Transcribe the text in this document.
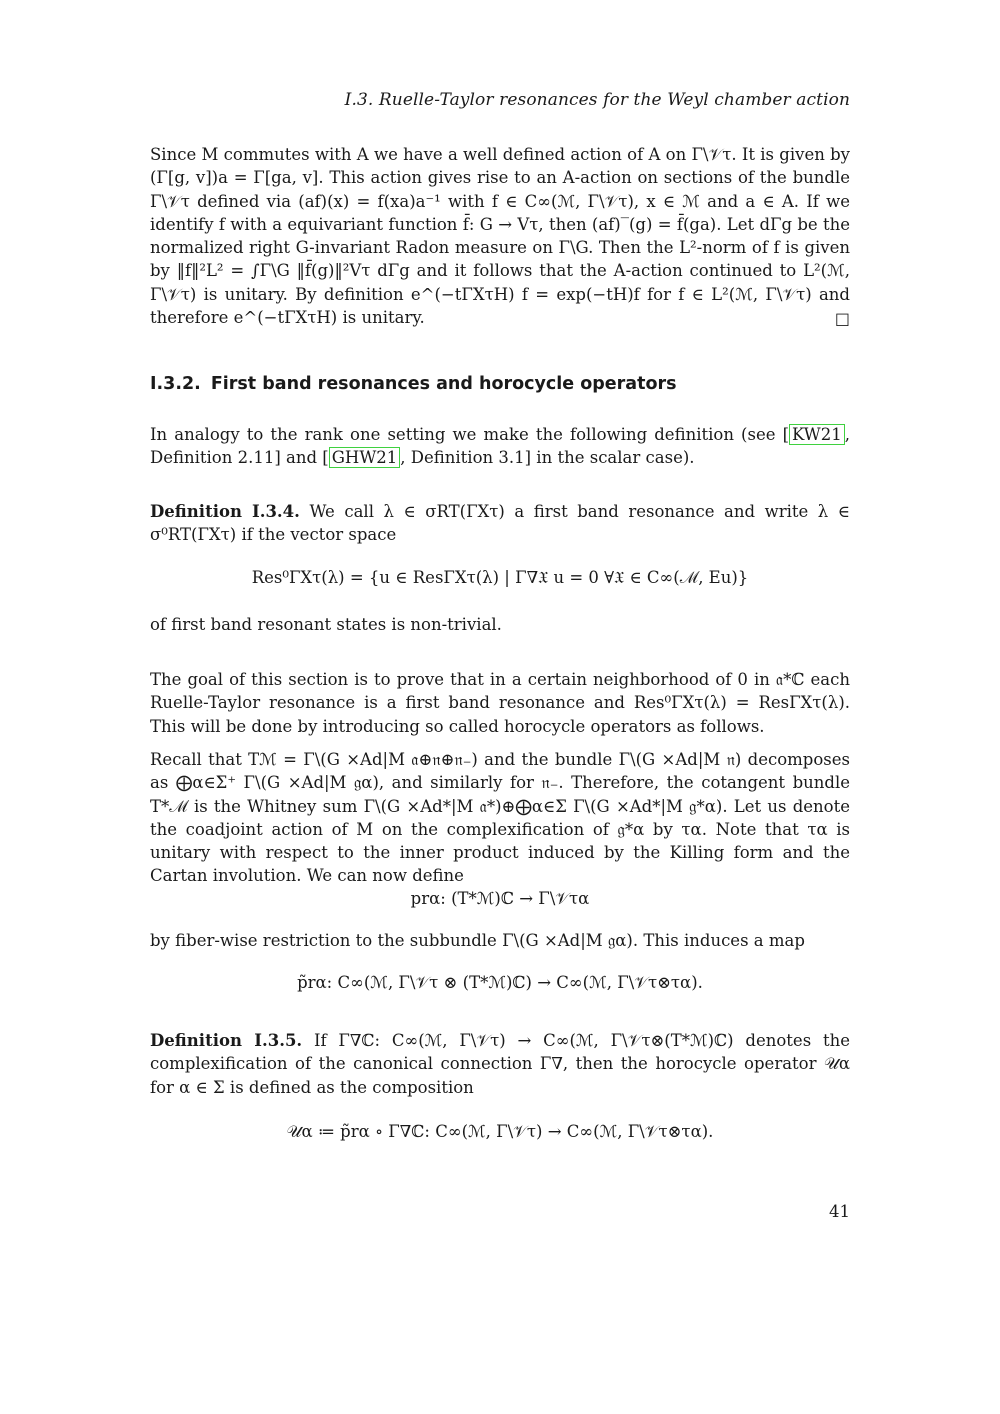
I.3. Ruelle-Taylor resonances for the Weyl chamber action

Since M commutes with A we have a well defined action of A on Γ\𝒱τ. It is given by (Γ[g, v])a = Γ[ga, v]. This action gives rise to an A-action on sections of the bundle Γ\𝒱τ defined via (af)(x) = f(xa)a⁻¹ with f ∈ C∞(ℳ, Γ\𝒱τ), x ∈ ℳ and a ∈ A. If we identify f with a equivariant function f̄: G → Vτ, then (af)‾(g) = f̄(ga). Let dΓg be the normalized right G-invariant Radon measure on Γ\G. Then the L²-norm of f is given by ‖f‖²L² = ∫Γ\G ‖f̄(g)‖²Vτ dΓg and it follows that the A-action continued to L²(ℳ, Γ\𝒱τ) is unitary. By definition e^(−tΓXτH) f = exp(−tH)f for f ∈ L²(ℳ, Γ\𝒱τ) and therefore e^(−tΓXτH) is unitary.	□
I.3.2. First band resonances and horocycle operators

In analogy to the rank one setting we make the following definition (see [ KW21 , Definition 2.11] and [ GHW21 , Definition 3.1] in the scalar case).

Definition I.3.4. We call λ ∈ σRT(ΓXτ) a first band resonance and write λ ∈ σ⁰RT(ΓXτ) if the vector space

Res⁰ΓXτ(λ) = {u ∈ ResΓXτ(λ) | Γ∇𝔛 u = 0 ∀𝔛 ∈ C∞(ℳ, Eu)}

of first band resonant states is non-trivial.

The goal of this section is to prove that in a certain neighborhood of 0 in 𝔞*ℂ each Ruelle-Taylor resonance is a first band resonance and Res⁰ΓXτ(λ) = ResΓXτ(λ). This will be done by introducing so called horocycle operators as follows.

Recall that Tℳ = Γ\(G ×Ad|M 𝔞⊕𝔫⊕𝔫₋) and the bundle Γ\(G ×Ad|M 𝔫) decomposes as ⨁α∈Σ⁺ Γ\(G ×Ad|M 𝔤α), and similarly for 𝔫₋. Therefore, the cotangent bundle T*ℳ is the Whitney sum Γ\(G ×Ad*|M 𝔞*)⊕⨁α∈Σ Γ\(G ×Ad*|M 𝔤*α). Let us denote the coadjoint action of M on the complexification of 𝔤*α by τα. Note that τα is unitary with respect to the inner product induced by the Killing form and the Cartan involution. We can now define

prα: (T*ℳ)ℂ → Γ\𝒱τα

by fiber-wise restriction to the subbundle Γ\(G ×Ad|M 𝔤α). This induces a map

p̃rα: C∞(ℳ, Γ\𝒱τ ⊗ (T*ℳ)ℂ) → C∞(ℳ, Γ\𝒱τ⊗τα).

Definition I.3.5. If Γ∇ℂ: C∞(ℳ, Γ\𝒱τ) → C∞(ℳ, Γ\𝒱τ⊗(T*ℳ)ℂ) denotes the complexification of the canonical connection Γ∇, then the horocycle operator 𝒰α for α ∈ Σ is defined as the composition

𝒰α ≔ p̃rα ∘ Γ∇ℂ: C∞(ℳ, Γ\𝒱τ) → C∞(ℳ, Γ\𝒱τ⊗τα).

41
